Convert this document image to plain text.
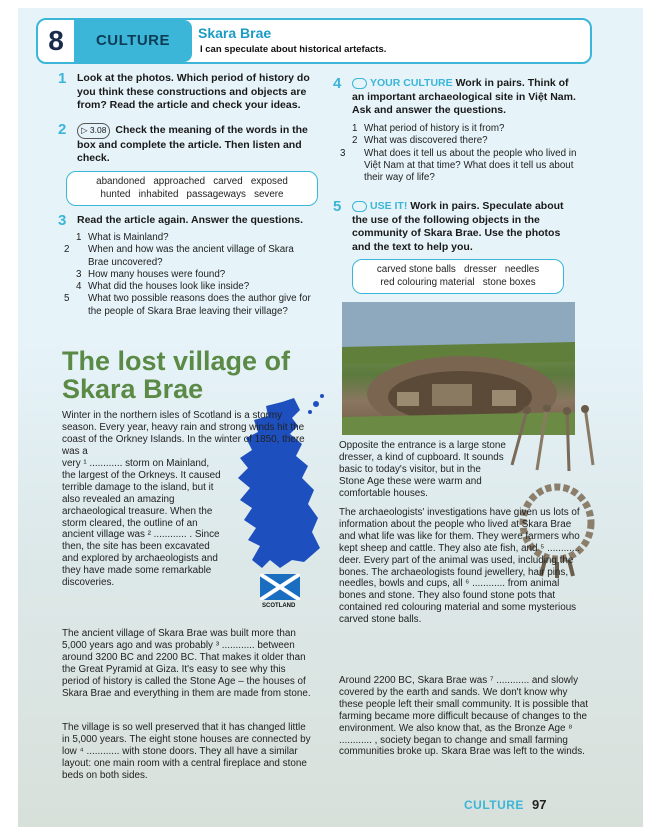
8	CULTURE	Skara Brae
I can speculate about historical artefacts.
1 Look at the photos. Which period of history do you think these constructions and objects are from? Read the article and check your ideas.
2	▷ 3.08 Check the meaning of the words in the box and complete the article. Then listen and check.
abandoned   approached   carved   exposed
hunted   inhabited   passageways   severe
3 Read the article again. Answer the questions.
1 What is Mainland?
2 When and how was the ancient village of Skara Brae uncovered?
3 How many houses were found?
4 What did the houses look like inside?
5 What two possible reasons does the author give for the people of Skara Brae leaving their village?
4	YOUR CULTURE Work in pairs. Think of an important archaeological site in Việt Nam. Ask and answer the questions.
1 What period of history is it from?
2 What was discovered there?
3 What does it tell us about the people who lived in Việt Nam at that time? What does it tell us about their way of life?
5	USE IT! Work in pairs. Speculate about the use of the following objects in the community of Skara Brae. Use the photos and the text to help you.
carved stone balls   dresser   needles
red colouring material   stone boxes
The lost village of
Skara Brae
SCOTLAND
Winter in the northern isles of Scotland is a stormy season. Every year, heavy rain and strong winds hit the coast of the Orkney Islands. In the winter of 1850, there was a
very ¹ ............ storm on Mainland, the largest of the Orkneys. It caused terrible damage to the island, but it also revealed an amazing archaeological treasure. When the storm cleared, the outline of an ancient village was ² ............ . Since then, the site has been excavated and explored by archaeologists and they have made some remarkable discoveries.
The ancient village of Skara Brae was built more than 5,000 years ago and was probably ³ ............ between around 3200 BC and 2200 BC. That makes it older than the Great Pyramid at Giza. It's easy to see why this period of history is called the Stone Age – the houses of Skara Brae and everything in them are made from stone.
The village is so well preserved that it has changed little in 5,000 years. The eight stone houses are connected by low ⁴ ............ with stone doors. They all have a similar layout: one main room with a central fireplace and stone beds on both sides.
Opposite the entrance is a large stone dresser, a kind of cupboard. It sounds basic to today's visitor, but in the Stone Age these were warm and comfortable houses.
The archaeologists' investigations have given us lots of information about the people who lived at Skara Brae and what life was like for them. They were farmers who kept sheep and cattle. They also ate fish, and ⁵ ............ deer. Every part of the animal was used, including the bones. The archaeologists found jewellery, hair pins, needles, bowls and cups, all ⁶ ............ from animal bones and stone. They also found stone pots that contained red colouring material and some mysterious carved stone balls.
Around 2200 BC, Skara Brae was ⁷ ............ and slowly covered by the earth and sands. We don't know why these people left their small community. It is possible that farming became more difficult because of changes to the environment. We also know that, as the Bronze Age ⁸ ............ , society began to change and small farming communities broke up. Skara Brae was left to the winds.
CULTURE 97
